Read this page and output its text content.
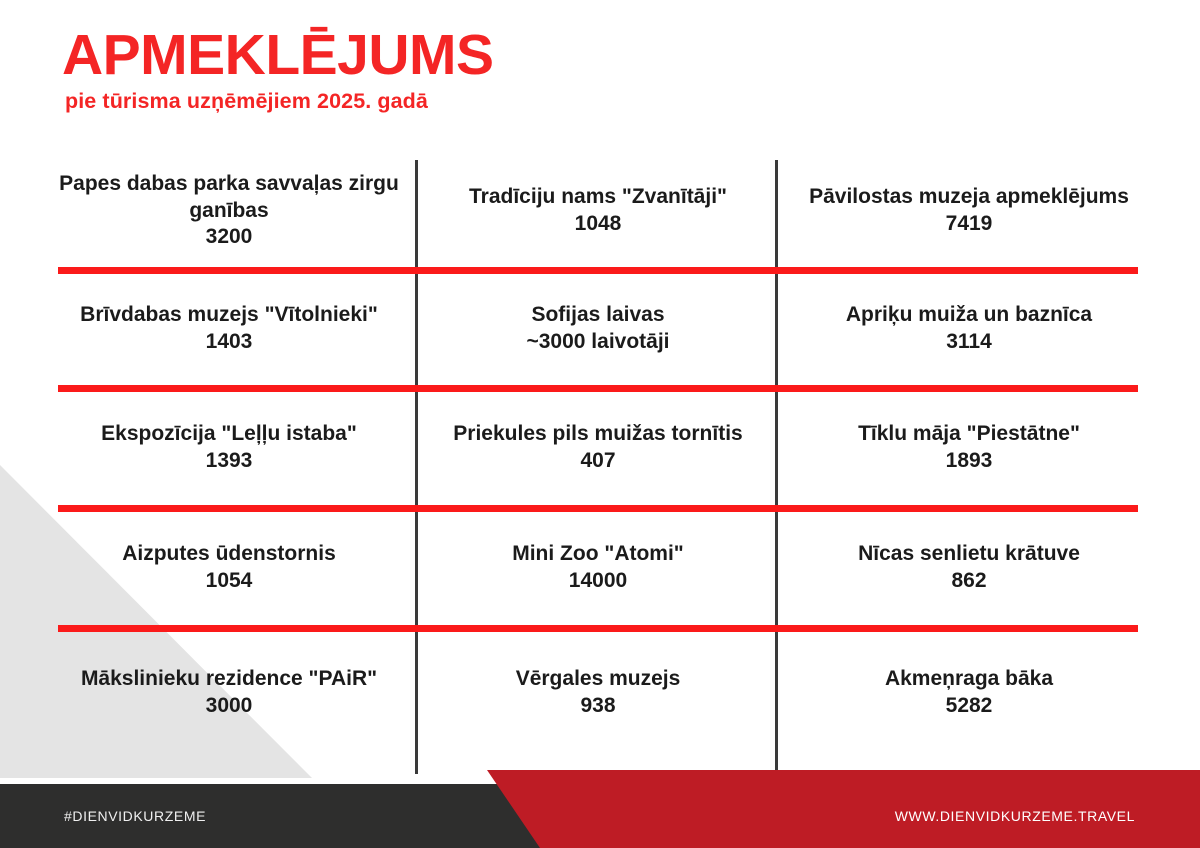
APMEKLĒJUMS
pie tūrisma uzņēmējiem 2025. gadā
Papes dabas parka savvaļas zirgu ganības
3200
Tradīciju nams "Zvanītāji"
1048
Pāvilostas muzeja apmeklējums
7419
Brīvdabas muzejs "Vītolnieki"
1403
Sofijas laivas
~3000 laivotāji
Apriķu muiža un baznīca
3114
Ekspozīcija "Leļļu istaba"
1393
Priekules pils muižas tornītis
407
Tīklu māja "Piestātne"
1893
Aizputes ūdenstornis
1054
Mini Zoo "Atomi"
14000
Nīcas senlietu krātuve
862
Mākslinieku rezidence "PAiR"
3000
Vērgales muzejs
938
Akmeņraga bāka
5282
#DIENVIDKURZEME	WWW.DIENVIDKURZEME.TRAVEL
